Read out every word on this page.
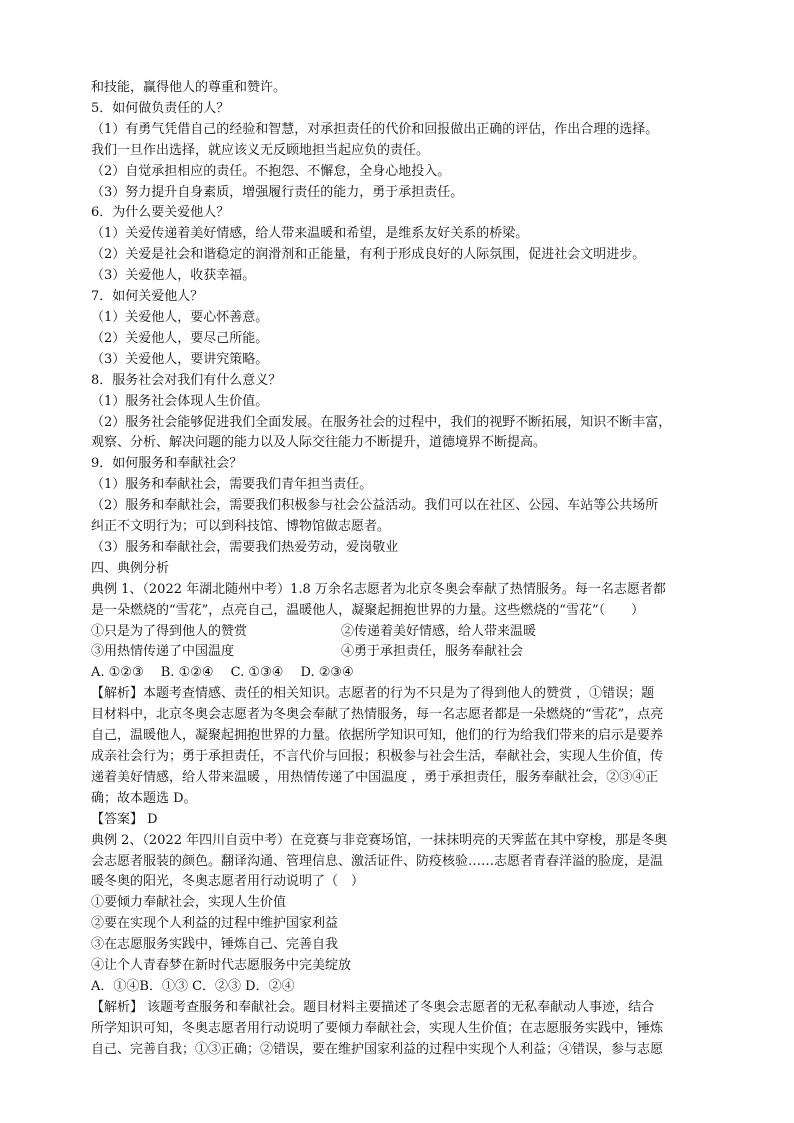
和技能，赢得他人的尊重和赞许。
5．如何做负责任的人？
（1）有勇气凭借自己的经验和智慧，对承担责任的代价和回报做出正确的评估，作出合理的选择。
我们一旦作出选择，就应该义无反顾地担当起应负的责任。
（2）自觉承担相应的责任。不抱怨、不懈怠，全身心地投入。
（3）努力提升自身素质，增强履行责任的能力，勇于承担责任。
6．为什么要关爱他人？
（1）关爱传递着美好情感，给人带来温暖和希望，是维系友好关系的桥梁。
（2）关爱是社会和谐稳定的润滑剂和正能量，有利于形成良好的人际氛围，促进社会文明进步。
（3）关爱他人，收获幸福。
7．如何关爱他人？
（1）关爱他人，要心怀善意。
（2）关爱他人，要尽己所能。
（3）关爱他人，要讲究策略。
8．服务社会对我们有什么意义？
（1）服务社会体现人生价值。
（2）服务社会能够促进我们全面发展。在服务社会的过程中，我们的视野不断拓展，知识不断丰富，
观察、分析、解决问题的能力以及人际交往能力不断提升，道德境界不断提高。
9．如何服务和奉献社会？
（1）服务和奉献社会，需要我们青年担当责任。
（2）服务和奉献社会，需要我们积极参与社会公益活动。我们可以在社区、公园、车站等公共场所
纠正不文明行为；可以到科技馆、博物馆做志愿者。
（3）服务和奉献社会，需要我们热爱劳动，爱岗敬业
四、典例分析
典例 1、（2022 年湖北随州中考）1.8 万余名志愿者为北京冬奥会奉献了热情服务。每一名志愿者都
是一朵燃烧的“雪花”，点亮自己，温暖他人，凝聚起拥抱世界的力量。这些燃烧的“雪花”（　　）
①只是为了得到他人的赞赏	②传递着美好情感，给人带来温暖
③用热情传递了中国温度	④勇于承担责任，服务奉献社会
A. ①②③　 B. ①②④　 C. ①③④　 D. ②③④
【解析】本题考查情感、责任的相关知识。志愿者的行为不只是为了得到他人的赞赏 ，①错误；题
目材料中，北京冬奥会志愿者为冬奥会奉献了热情服务，每一名志愿者都是一朵燃烧的“雪花”，点亮
自己，温暖他人，凝聚起拥抱世界的力量。依据所学知识可知，他们的行为给我们带来的启示是要养
成亲社会行为；勇于承担责任，不言代价与回报；积极参与社会生活，奉献社会，实现人生价值，传
递着美好情感，给人带来温暖 ，用热情传递了中国温度 ，勇于承担责任，服务奉献社会，②③④正
确；故本题选 D。
【答案】 D
典例 2、（2022 年四川自贡中考）在竞赛与非竞赛场馆，一抹抹明亮的天霁蓝在其中穿梭，那是冬奥
会志愿者服装的颜色。翻译沟通、管理信息、激活证件、防疫核验……志愿者青春洋溢的脸庞，是温
暖冬奥的阳光，冬奥志愿者用行动说明了（　）
①要倾力奉献社会，实现人生价值
②要在实现个人利益的过程中维护国家利益
③在志愿服务实践中，锤炼自己、完善自我
④让个人青春梦在新时代志愿服务中完美绽放
A．①④B．①③ C．②③ D．②④
【解析】 该题考查服务和奉献社会。题目材料主要描述了冬奥会志愿者的无私奉献动人事迹，结合
所学知识可知，冬奥志愿者用行动说明了要倾力奉献社会，实现人生价值；在志愿服务实践中，锤炼
自己、完善自我；①③正确；②错误，要在维护国家利益的过程中实现个人利益；④错误，参与志愿
